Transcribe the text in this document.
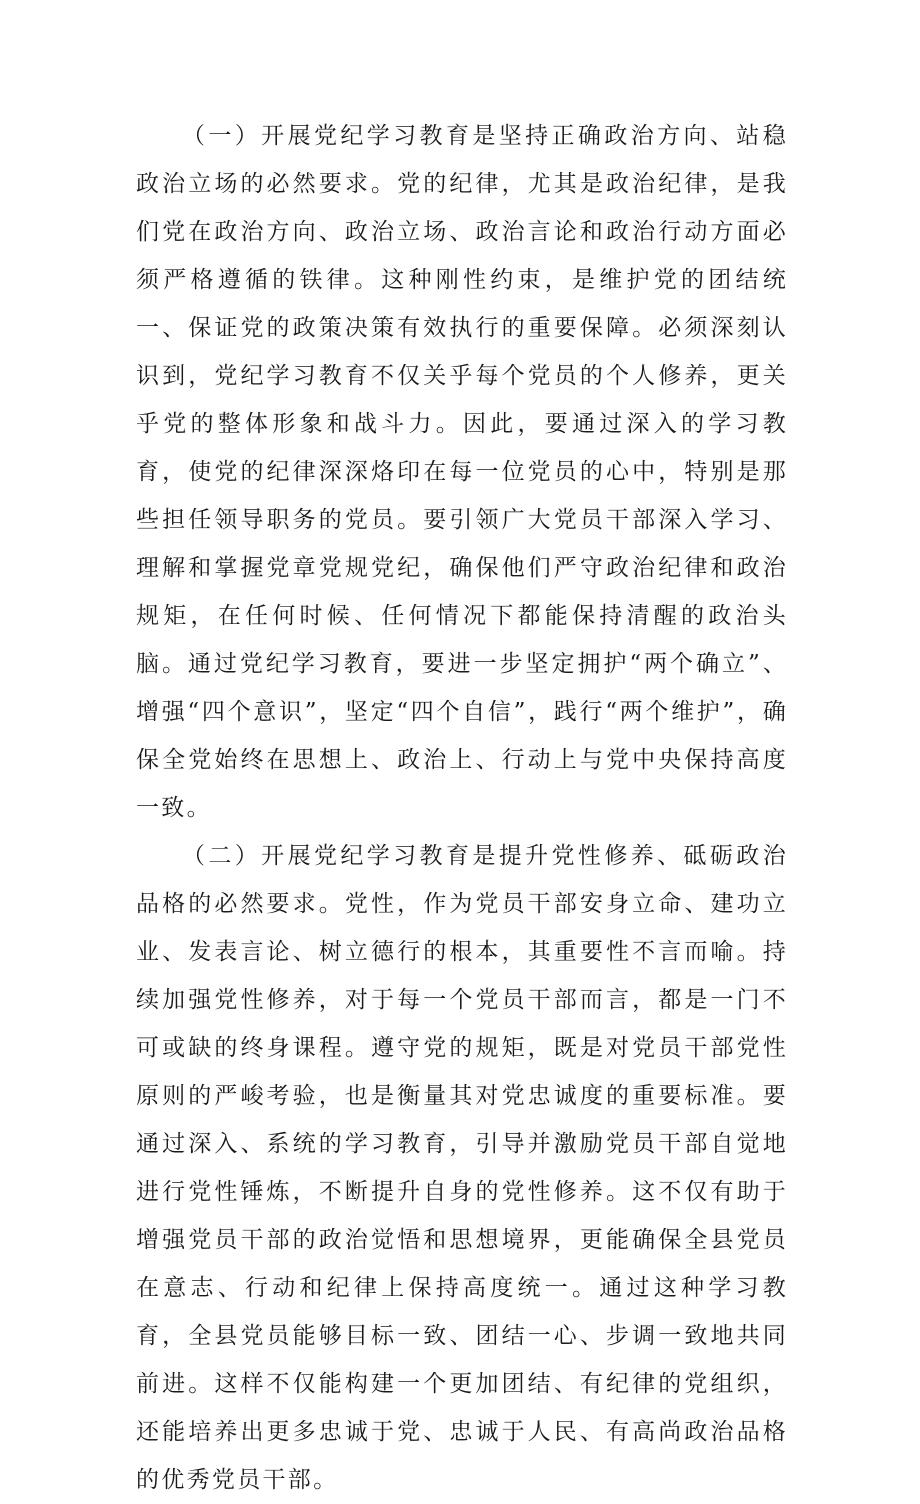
（一）开展党纪学习教育是坚持正确政治方向、站稳政治立场的必然要求。党的纪律，尤其是政治纪律，是我们党在政治方向、政治立场、政治言论和政治行动方面必须严格遵循的铁律。这种刚性约束，是维护党的团结统一、保证党的政策决策有效执行的重要保障。必须深刻认识到，党纪学习教育不仅关乎每个党员的个人修养，更关乎党的整体形象和战斗力。因此，要通过深入的学习教育，使党的纪律深深烙印在每一位党员的心中，特别是那些担任领导职务的党员。要引领广大党员干部深入学习、理解和掌握党章党规党纪，确保他们严守政治纪律和政治规矩，在任何时候、任何情况下都能保持清醒的政治头脑。通过党纪学习教育，要进一步坚定拥护“两个确立”、增强“四个意识”，坚定“四个自信”，践行“两个维护”，确保全党始终在思想上、政治上、行动上与党中央保持高度一致。

（二）开展党纪学习教育是提升党性修养、砥砺政治品格的必然要求。党性，作为党员干部安身立命、建功立业、发表言论、树立德行的根本，其重要性不言而喻。持续加强党性修养，对于每一个党员干部而言，都是一门不可或缺的终身课程。遵守党的规矩，既是对党员干部党性原则的严峻考验，也是衡量其对党忠诚度的重要标准。要通过深入、系统的学习教育，引导并激励党员干部自觉地进行党性锤炼，不断提升自身的党性修养。这不仅有助于增强党员干部的政治觉悟和思想境界，更能确保全县党员在意志、行动和纪律上保持高度统一。通过这种学习教育，全县党员能够目标一致、团结一心、步调一致地共同前进。这样不仅能构建一个更加团结、有纪律的党组织，还能培养出更多忠诚于党、忠诚于人民、有高尚政治品格的优秀党员干部。
